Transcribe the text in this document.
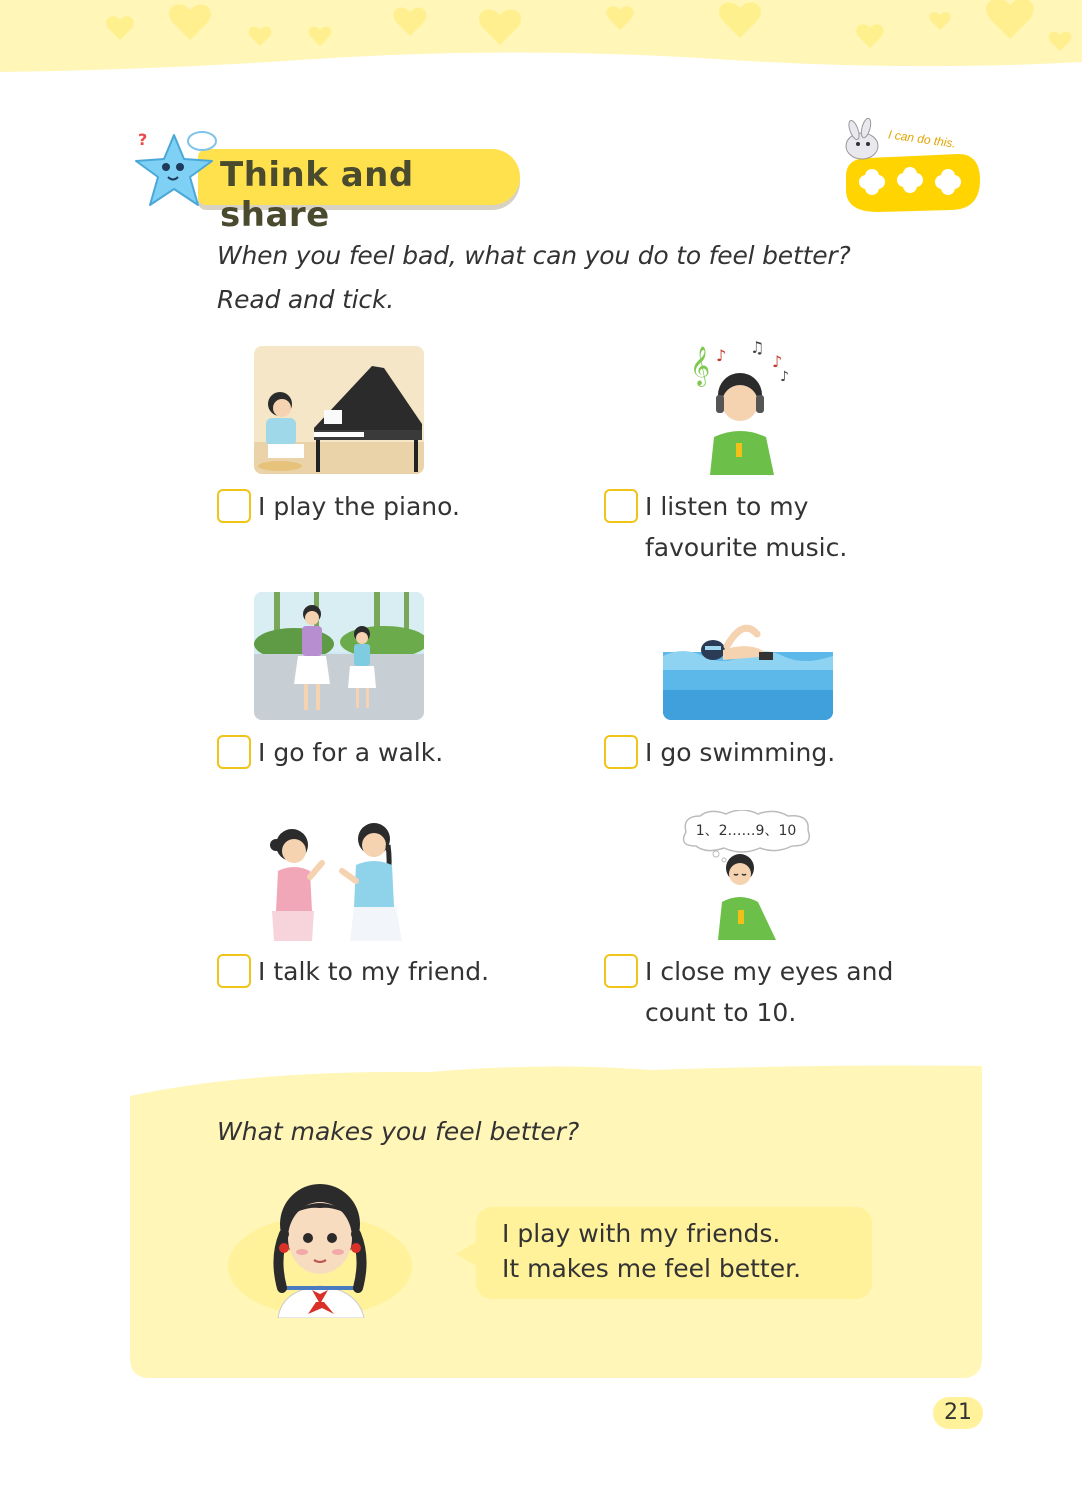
?
Think and share
I can do this.
When you feel bad, what can you do to feel better?
Read and tick.
𝄞 ♪ ♫
♪
♪
I play the piano.	I listen to my
favourite music.
I go for a walk.	I go swimming.
1、2……9、10
I talk to my friend.	I close my eyes and
count to 10.
What makes you feel better?
I play with my friends.
It makes me feel better.
21
